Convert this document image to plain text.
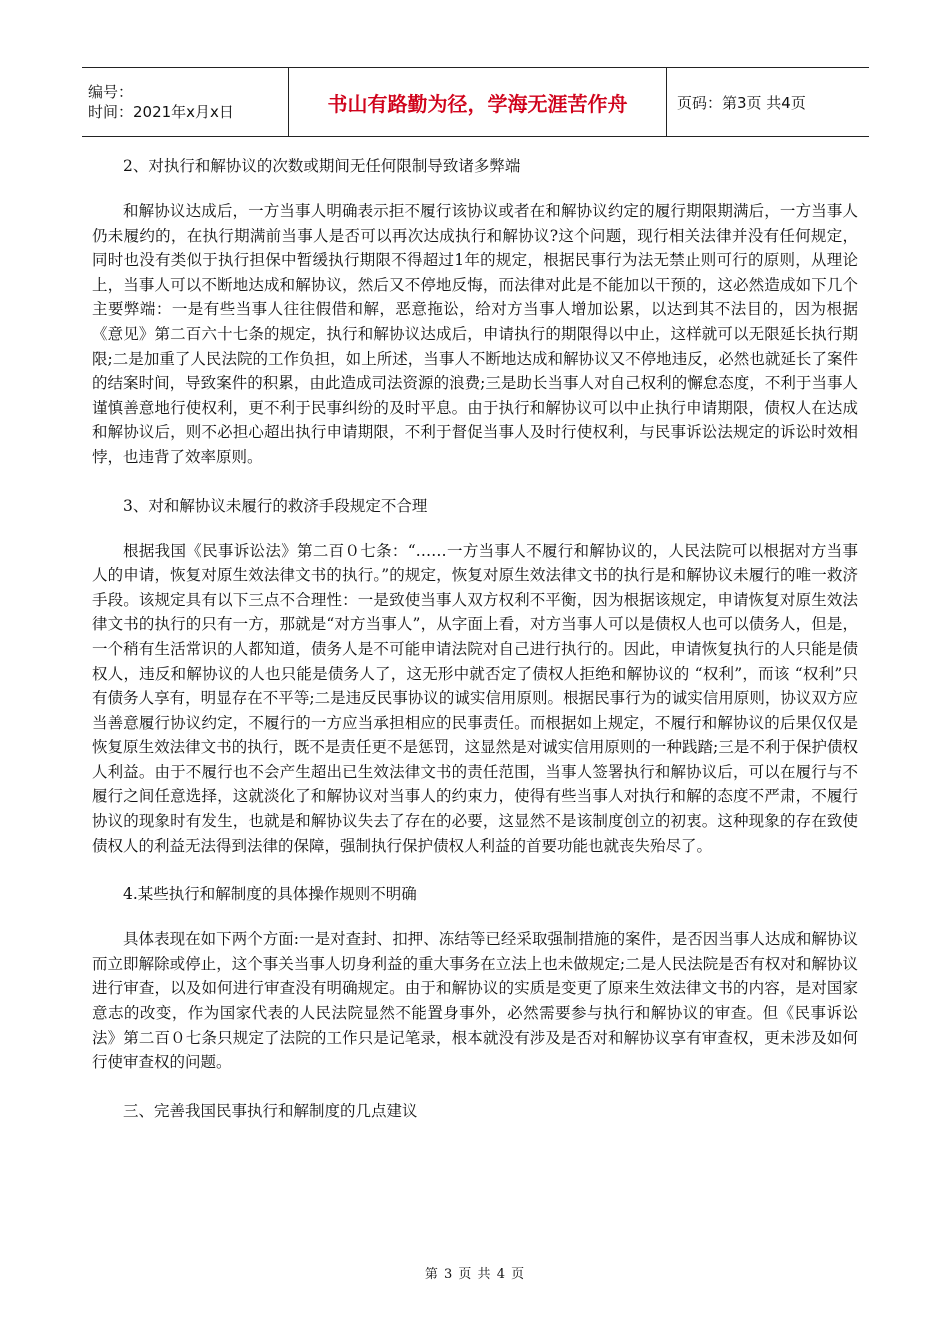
编号：
时间：2021年x月x日	书山有路勤为径，学海无涯苦作舟	页码：第3页 共4页

2、对执行和解协议的次数或期间无任何限制导致诸多弊端

和解协议达成后，一方当事人明确表示拒不履行该协议或者在和解协议约定的履行期限期满后，一方当事人仍未履约的，在执行期满前当事人是否可以再次达成执行和解协议?这个问题，现行相关法律并没有任何规定，同时也没有类似于执行担保中暂缓执行期限不得超过1年的规定，根据民事行为法无禁止则可行的原则，从理论上，当事人可以不断地达成和解协议，然后又不停地反悔，而法律对此是不能加以干预的，这必然造成如下几个主要弊端：一是有些当事人往往假借和解，恶意拖讼，给对方当事人增加讼累，以达到其不法目的，因为根据《意见》第二百六十七条的规定，执行和解协议达成后，申请执行的期限得以中止，这样就可以无限延长执行期限;二是加重了人民法院的工作负担，如上所述，当事人不断地达成和解协议又不停地违反，必然也就延长了案件的结案时间，导致案件的积累，由此造成司法资源的浪费;三是助长当事人对自己权利的懈怠态度，不利于当事人谨慎善意地行使权利，更不利于民事纠纷的及时平息。由于执行和解协议可以中止执行申请期限，债权人在达成和解协议后，则不必担心超出执行申请期限，不利于督促当事人及时行使权利，与民事诉讼法规定的诉讼时效相悖，也违背了效率原则。

3、对和解协议未履行的救济手段规定不合理

根据我国《民事诉讼法》第二百０七条：“……一方当事人不履行和解协议的，人民法院可以根据对方当事人的申请，恢复对原生效法律文书的执行。”的规定，恢复对原生效法律文书的执行是和解协议未履行的唯一救济手段。该规定具有以下三点不合理性：一是致使当事人双方权利不平衡，因为根据该规定，申请恢复对原生效法律文书的执行的只有一方，那就是“对方当事人”，从字面上看，对方当事人可以是债权人也可以债务人，但是，一个稍有生活常识的人都知道，债务人是不可能申请法院对自己进行执行的。因此，申请恢复执行的人只能是债权人，违反和解协议的人也只能是债务人了，这无形中就否定了债权人拒绝和解协议的 “权利”，而该 “权利”只有债务人享有，明显存在不平等;二是违反民事协议的诚实信用原则。根据民事行为的诚实信用原则，协议双方应当善意履行协议约定，不履行的一方应当承担相应的民事责任。而根据如上规定，不履行和解协议的后果仅仅是恢复原生效法律文书的执行，既不是责任更不是惩罚，这显然是对诚实信用原则的一种践踏;三是不利于保护债权人利益。由于不履行也不会产生超出已生效法律文书的责任范围，当事人签署执行和解协议后，可以在履行与不履行之间任意选择，这就淡化了和解协议对当事人的约束力，使得有些当事人对执行和解的态度不严肃，不履行协议的现象时有发生，也就是和解协议失去了存在的必要，这显然不是该制度创立的初衷。这种现象的存在致使债权人的利益无法得到法律的保障，强制执行保护债权人利益的首要功能也就丧失殆尽了。

4.某些执行和解制度的具体操作规则不明确

具体表现在如下两个方面:一是对查封、扣押、冻结等已经采取强制措施的案件，是否因当事人达成和解协议而立即解除或停止，这个事关当事人切身利益的重大事务在立法上也未做规定;二是人民法院是否有权对和解协议进行审查，以及如何进行审查没有明确规定。由于和解协议的实质是变更了原来生效法律文书的内容，是对国家意志的改变，作为国家代表的人民法院显然不能置身事外，必然需要参与执行和解协议的审查。但《民事诉讼法》第二百０七条只规定了法院的工作只是记笔录，根本就没有涉及是否对和解协议享有审查权，更未涉及如何行使审查权的问题。

三、完善我国民事执行和解制度的几点建议

第 3 页 共 4 页
